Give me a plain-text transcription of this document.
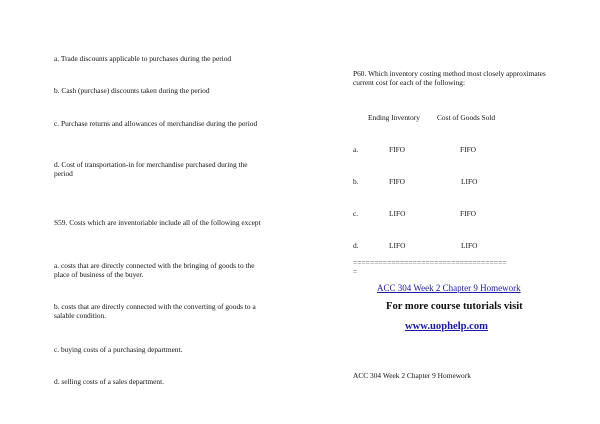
a. Trade discounts applicable to purchases during the period

b. Cash (purchase) discounts taken during the period

c. Purchase returns and allowances of merchandise during the period

d. Cost of transportation-in for merchandise purchased during the period

S59. Costs which are inventoriable include all of the following except

a. costs that are directly connected with the bringing of goods to the place of business of the buyer.

b. costs that are directly connected with the converting of goods to a salable condition.

c. buying costs of a purchasing department.

d. selling costs of a sales department.

P60. Which inventory costing method most closely approximates current cost for each of the following:

Ending Inventory Cost of Goods Sold
a.	FIFO	FIFO
b.	FIFO	LIFO
c.	LIFO	FIFO
d.	LIFO	LIFO
====================================
=
ACC 304 Week 2 Chapter 9 Homework
For more course tutorials visit
www.uophelp.com
ACC 304 Week 2 Chapter 9 Homework
